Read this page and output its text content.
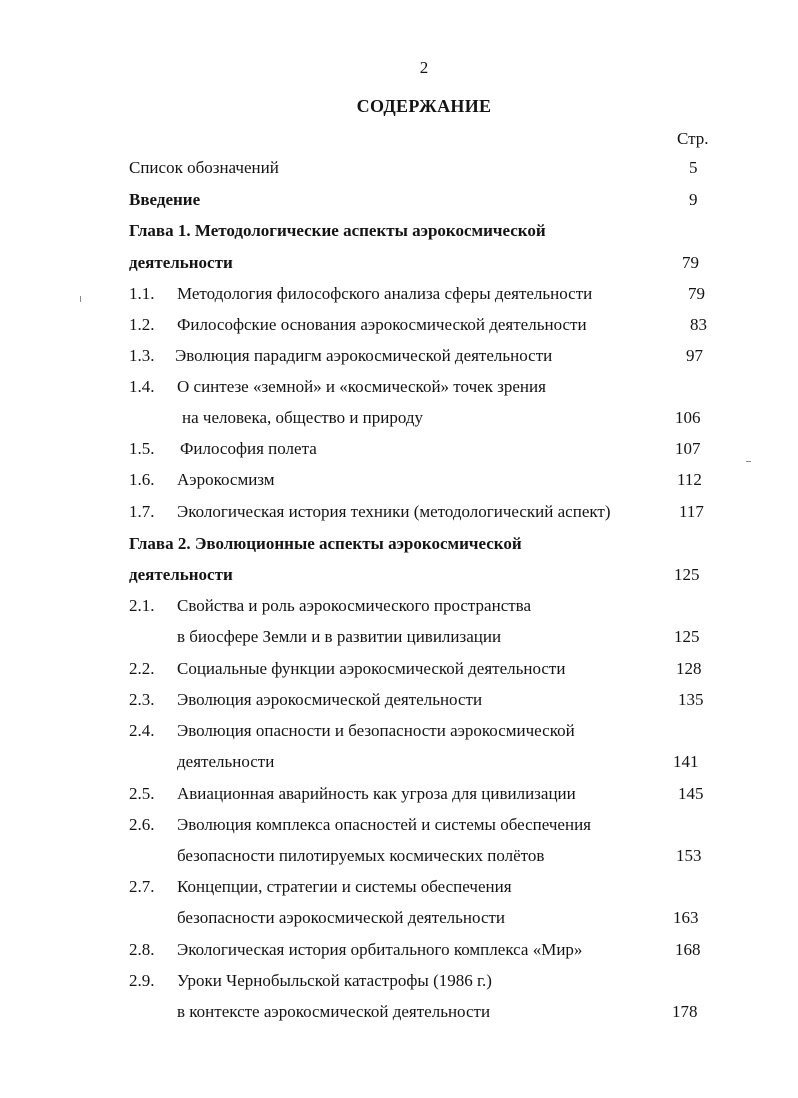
2
СОДЕРЖАНИЕ
Стр.
Список обозначений	5
Введение	9
Глава 1. Методологические аспекты аэрокосмической
деятельности	79
1.1. Методология философского анализа сферы деятельности	79
1.2. Философские основания аэрокосмической деятельности	83
1.3. Эволюция парадигм аэрокосмической деятельности	97
1.4. О синтезе «земной» и «космической» точек зрения
на человека, общество и природу	106
1.5. Философия полета	107
1.6. Аэрокосмизм	112
1.7. Экологическая история техники (методологический аспект)	117
Глава 2. Эволюционные аспекты аэрокосмической
деятельности	125
2.1. Свойства и роль аэрокосмического пространства
в биосфере Земли и в развитии цивилизации	125
2.2. Социальные функции аэрокосмической деятельности	128
2.3. Эволюция аэрокосмической деятельности	135
2.4. Эволюция опасности и безопасности аэрокосмической
деятельности	141
2.5. Авиационная аварийность как угроза для цивилизации	145
2.6. Эволюция комплекса опасностей и системы обеспечения
безопасности пилотируемых космических полётов	153
2.7. Концепции, стратегии и системы обеспечения
безопасности аэрокосмической деятельности	163
2.8. Экологическая история орбитального комплекса «Мир»	168
2.9. Уроки Чернобыльской катастрофы (1986 г.)
в контексте аэрокосмической деятельности	178
